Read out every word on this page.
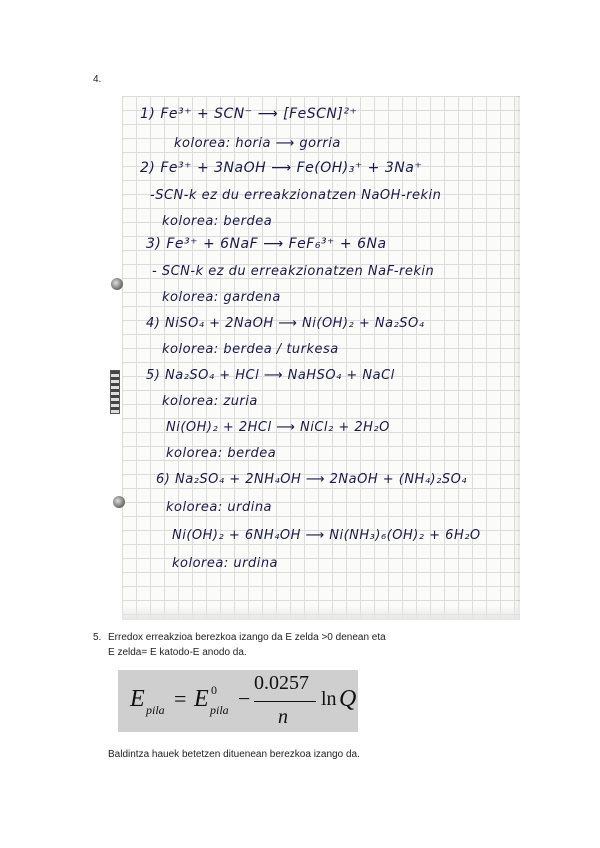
4.
1) Fe³⁺ + SCN⁻ ⟶ [FeSCN]²⁺
kolorea: horia ⟶ gorria
2) Fe³⁺ + 3NaOH ⟶ Fe(OH)₃⁺ + 3Na⁺
-SCN-k ez du erreakzionatzen NaOH-rekin
kolorea: berdea
3) Fe³⁺ + 6NaF ⟶ FeF₆³⁺ + 6Na
- SCN-k ez du erreakzionatzen NaF-rekin
kolorea: gardena
4) NiSO₄ + 2NaOH ⟶ Ni(OH)₂ + Na₂SO₄
kolorea: berdea / turkesa
5) Na₂SO₄ + HCl ⟶ NaHSO₄ + NaCl
kolorea: zuria
Ni(OH)₂ + 2HCl ⟶ NiCl₂ + 2H₂O
kolorea: berdea
6) Na₂SO₄ + 2NH₄OH ⟶ 2NaOH + (NH₄)₂SO₄
kolorea: urdina
Ni(OH)₂ + 6NH₄OH ⟶ Ni(NH₃)₆(OH)₂ + 6H₂O
kolorea: urdina
5. Erredox erreakzioa berezkoa izango da E zelda >0 denean eta
E zelda= E katodo-E anodo da.
E pila = E 0
pila −
0.0257
n
ln Q
Baldintza hauek betetzen dituenean berezkoa izango da.
